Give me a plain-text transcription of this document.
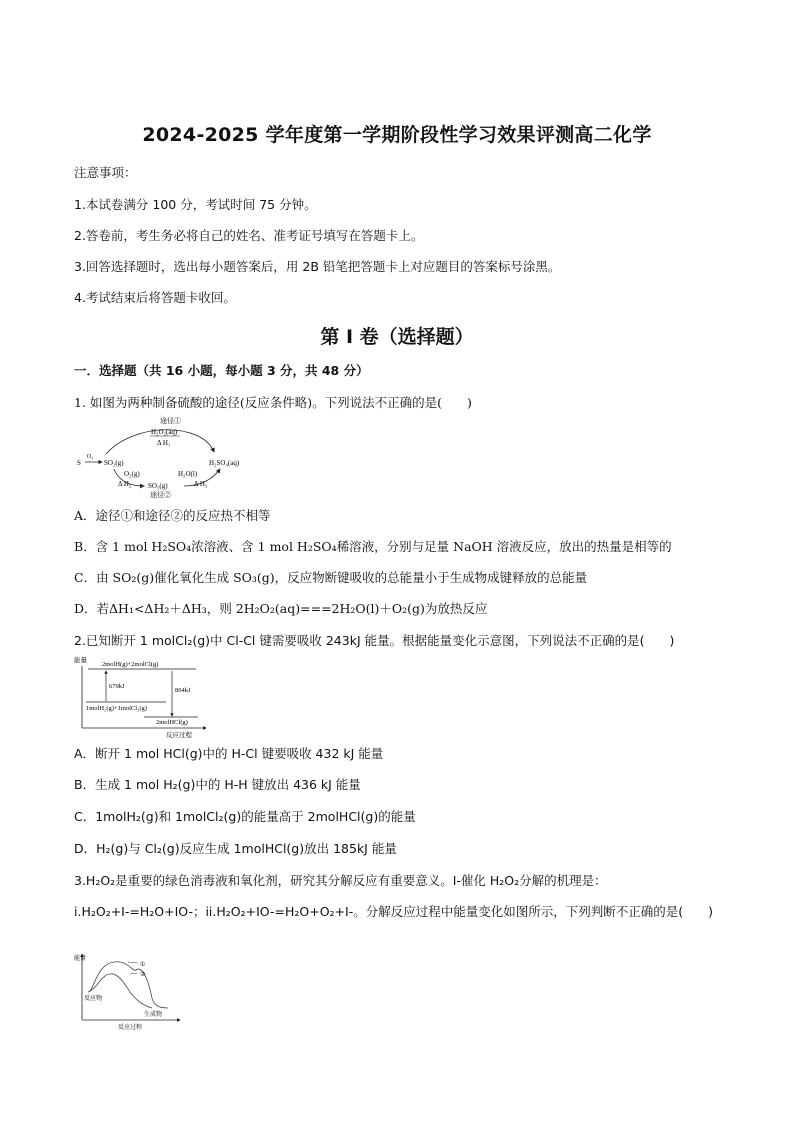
2024-2025 学年度第一学期阶段性学习效果评测高二化学
注意事项：
1.本试卷满分 100 分，考试时间 75 分钟。
2.答卷前，考生务必将自己的姓名、准考证号填写在答题卡上。
3.回答选择题时，选出每小题答案后，用 2B 铅笔把答题卡上对应题目的答案标号涂黑。
4.考试结束后将答题卡收回。
第 I 卷（选择题）
一．选择题（共 16 小题，每小题 3 分，共 48 分）
1. 如图为两种制备硫酸的途径(反应条件略)。下列说法不正确的是(　　)
途径①
H₂O₂(aq)
Δ H₁
S
O₂
SO₂(g)	H₂SO₄(aq)
O₂(g)	H₂O(l)
Δ H₂ SO₃(g)	Δ H₃
途径②
A．途径①和途径②的反应热不相等
B．含 1 mol H₂SO₄浓溶液、含 1 mol H₂SO₄稀溶液，分别与足量 NaOH 溶液反应，放出的热量是相等的
C．由 SO₂(g)催化氧化生成 SO₃(g)，反应物断键吸收的总能量小于生成物成键释放的总能量
D．若ΔH₁<ΔH₂＋ΔH₃，则 2H₂O₂(aq)===2H₂O(l)＋O₂(g)为放热反应
2.已知断开 1 molCl₂(g)中 Cl-Cl 键需要吸收 243kJ 能量。根据能量变化示意图，下列说法不正确的是(　　)
能量
2molH(g)+2molCl(g)
679kJ
864kJ
1molH₂(g)+1molCl₂(g)
2molHCl(g)
反应过程
A．断开 1 mol HCl(g)中的 H-Cl 键要吸收 432 kJ 能量
B．生成 1 mol H₂(g)中的 H-H 键放出 436 kJ 能量
C．1molH₂(g)和 1molCl₂(g)的能量高于 2molHCl(g)的能量
D．H₂(g)与 Cl₂(g)反应生成 1molHCl(g)放出 185kJ 能量
3.H₂O₂是重要的绿色消毒液和氧化剂，研究其分解反应有重要意义。I-催化 H₂O₂分解的机理是：
i.H₂O₂+I-=H₂O+IO-；ii.H₂O₂+IO-=H₂O+O₂+I-。分解反应过程中能量变化如图所示，下列判断不正确的是(　　)
能量
①
②
反应物
生成物
反应过程
